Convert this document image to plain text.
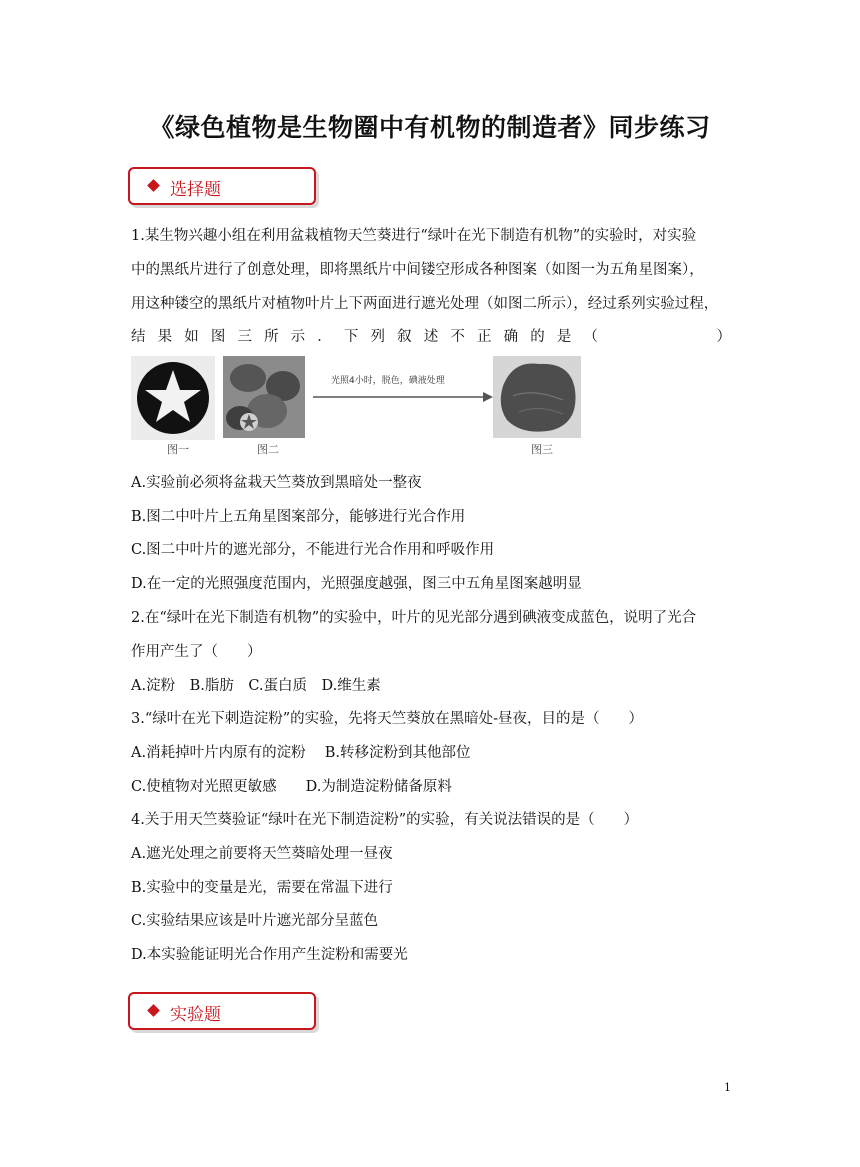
《绿色植物是生物圈中有机物的制造者》同步练习
选择题
1.某生物兴趣小组在利用盆栽植物天竺葵进行“绿叶在光下制造有机物”的实验时，对实验
中的黑纸片进行了创意处理，即将黑纸片中间镂空形成各种图案（如图一为五角星图案），
用这种镂空的黑纸片对植物叶片上下两面进行遮光处理（如图二所示），经过系列实验过程，
结果如图三所示．下列叙述不正确的是（　　　　）
图一	图二
光照4小时，脱色，碘液处理
图三
A.实验前必须将盆栽天竺葵放到黑暗处一整夜
B.图二中叶片上五角星图案部分，能够进行光合作用
C.图二中叶片的遮光部分，不能进行光合作用和呼吸作用
D.在一定的光照强度范围内，光照强度越强，图三中五角星图案越明显
2.在“绿叶在光下制造有机物”的实验中，叶片的见光部分遇到碘液变成蓝色，说明了光合
作用产生了（　　）
A.淀粉　B.脂肪　C.蛋白质　D.维生素
3.“绿叶在光下刺造淀粉”的实验，先将天竺葵放在黑暗处-昼夜，目的是（　　）
A.消耗掉叶片内原有的淀粉　 B.转移淀粉到其他部位
C.使植物对光照更敏感　　D.为制造淀粉储备原料
4.关于用天竺葵验证“绿叶在光下制造淀粉”的实验，有关说法错误的是（　　）
A.遮光处理之前要将天竺葵暗处理一昼夜
B.实验中的变量是光，需要在常温下进行
C.实验结果应该是叶片遮光部分呈蓝色
D.本实验能证明光合作用产生淀粉和需要光
实验题
1
